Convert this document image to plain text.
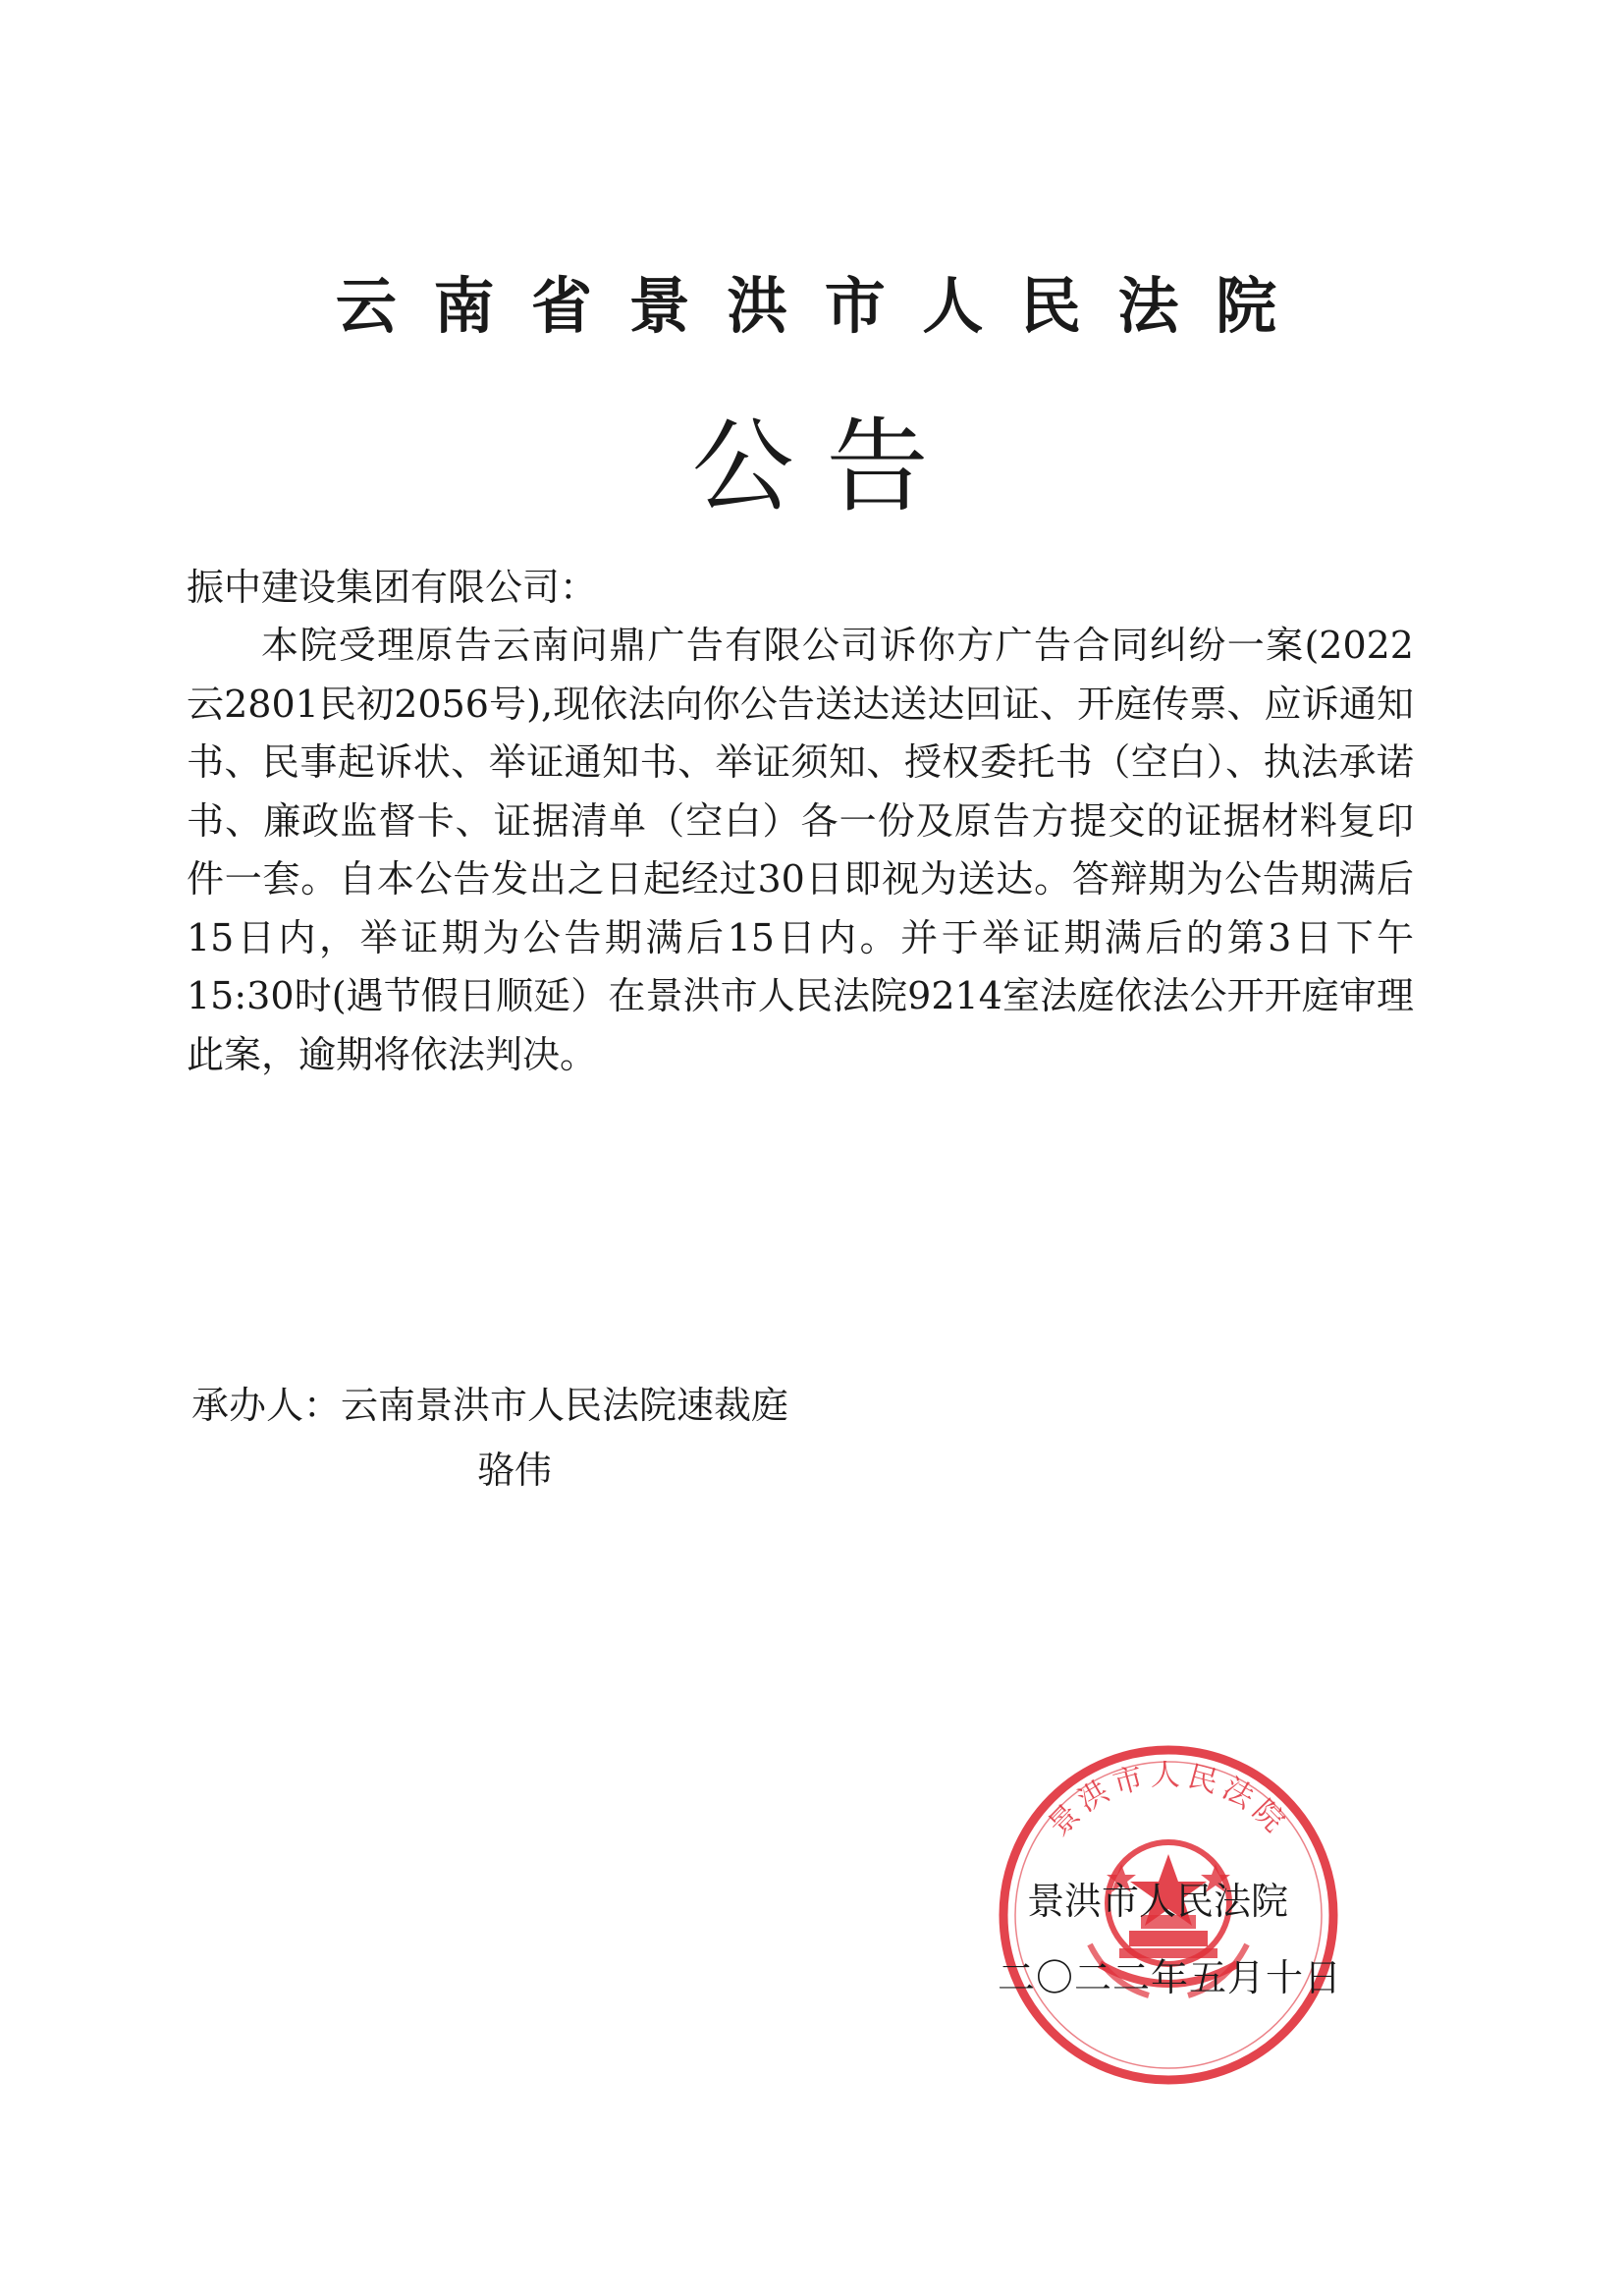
云 南 省 景 洪 市 人 民 法 院
公 告
振中建设集团有限公司：

本院受理原告云南问鼎广告有限公司诉你方广告合同纠纷一案(2022云2801民初2056号),现依法向你公告送达送达回证、开庭传票、应诉通知书、民事起诉状、举证通知书、举证须知、授权委托书（空白）、执法承诺书、廉政监督卡、证据清单（空白）各一份及原告方提交的证据材料复印件一套。自本公告发出之日起经过30日即视为送达。答辩期为公告期满后15日内，举证期为公告期满后15日内。并于举证期满后的第3日下午15:30时(遇节假日顺延）在景洪市人民法院9214室法庭依法公开开庭审理此案，逾期将依法判决。

承办人：云南景洪市人民法院速裁庭
骆伟
景洪市人民法院
景洪市人民法院
二〇二二年五月十日
